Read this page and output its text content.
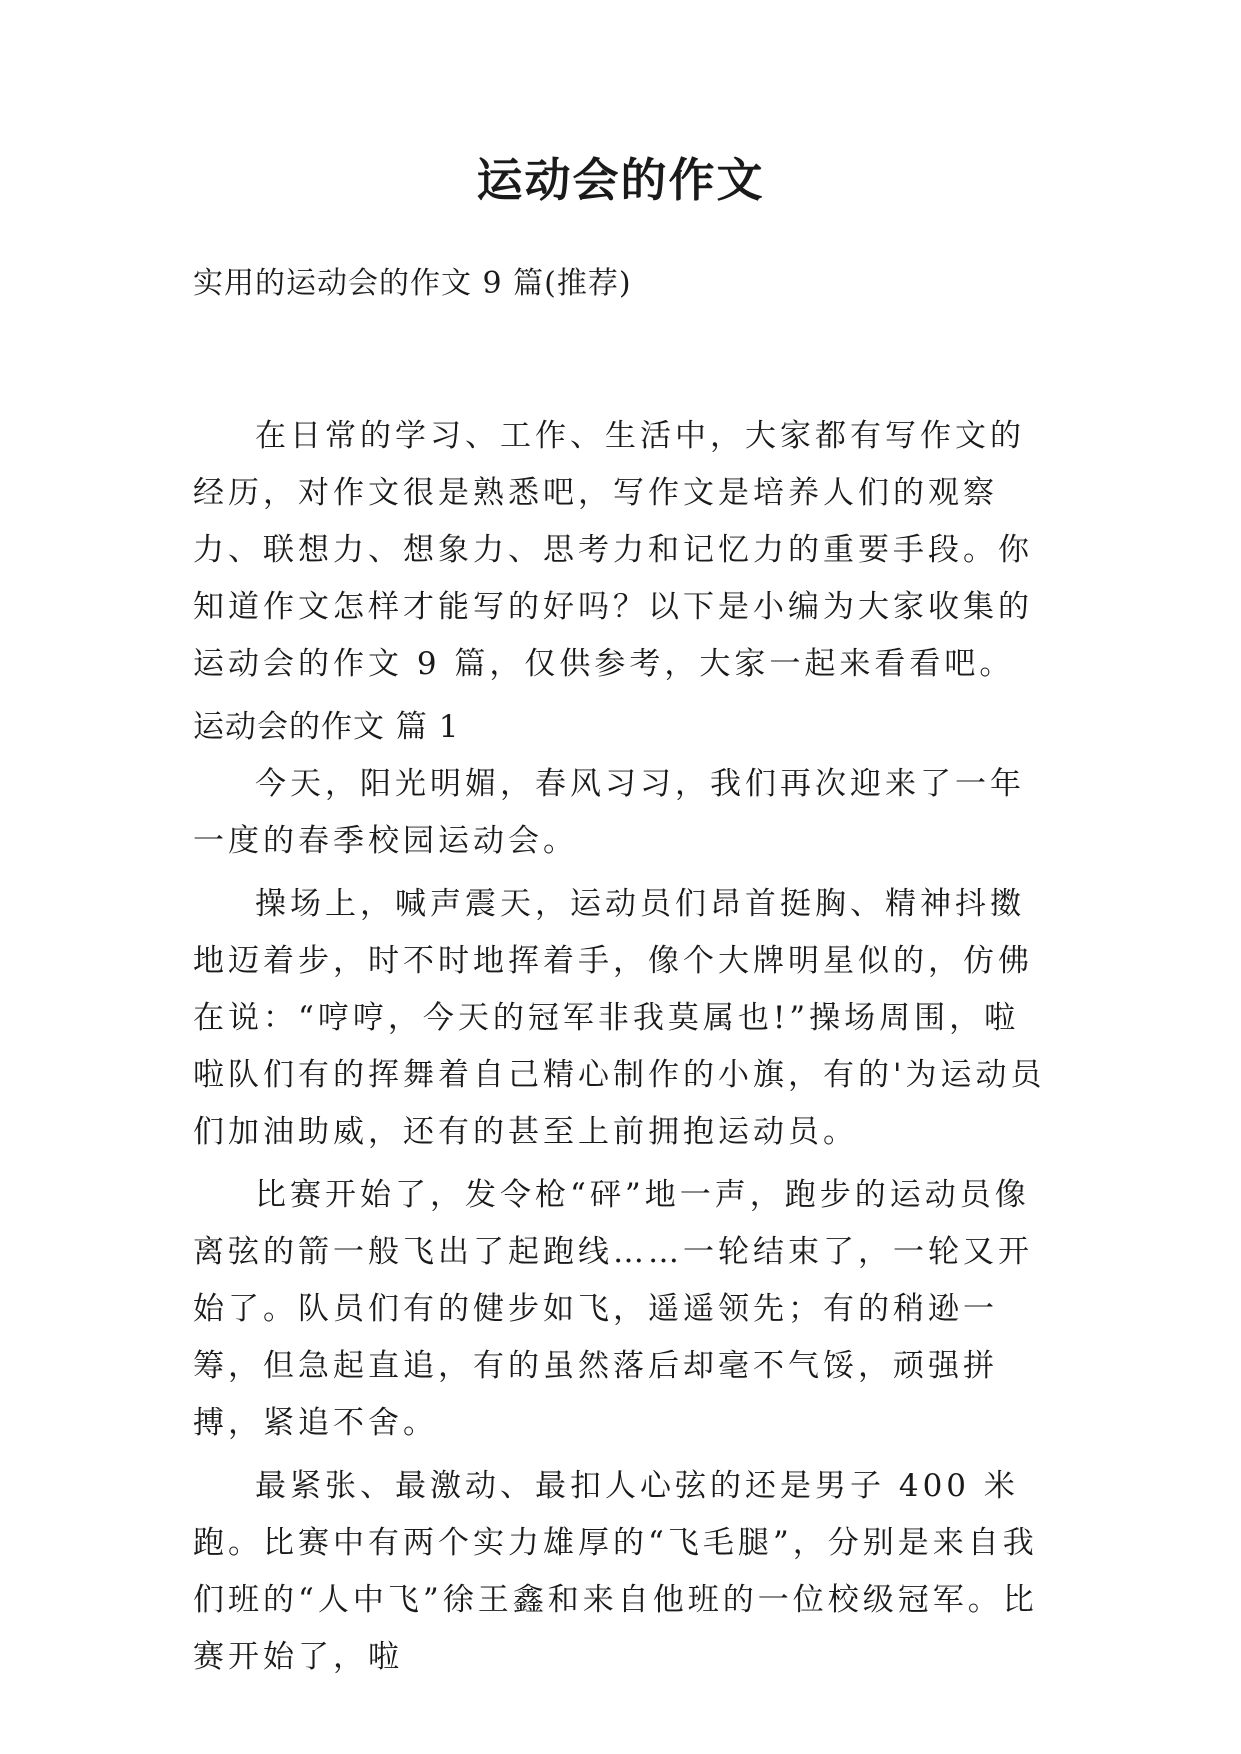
运动会的作文
实用的运动会的作文 9 篇(推荐)

在日常的学习、工作、生活中，大家都有写作文的经历，对作文很是熟悉吧，写作文是培养人们的观察力、联想力、想象力、思考力和记忆力的重要手段。你知道作文怎样才能写的好吗？以下是小编为大家收集的运动会的作文 9 篇，仅供参考，大家一起来看看吧。

运动会的作文 篇 1

今天，阳光明媚，春风习习，我们再次迎来了一年一度的春季校园运动会。

操场上，喊声震天，运动员们昂首挺胸、精神抖擞地迈着步，时不时地挥着手，像个大牌明星似的，仿佛在说：“哼哼，今天的冠军非我莫属也!”操场周围，啦啦队们有的挥舞着自己精心制作的小旗，有的'为运动员们加油助威，还有的甚至上前拥抱运动员。

比赛开始了，发令枪“砰”地一声，跑步的运动员像离弦的箭一般飞出了起跑线……一轮结束了，一轮又开始了。队员们有的健步如飞，遥遥领先；有的稍逊一筹，但急起直追，有的虽然落后却毫不气馁，顽强拼搏，紧追不舍。

最紧张、最激动、最扣人心弦的还是男子 400 米跑。比赛中有两个实力雄厚的“飞毛腿”，分别是来自我们班的“人中飞”徐王鑫和来自他班的一位校级冠军。比赛开始了，啦
